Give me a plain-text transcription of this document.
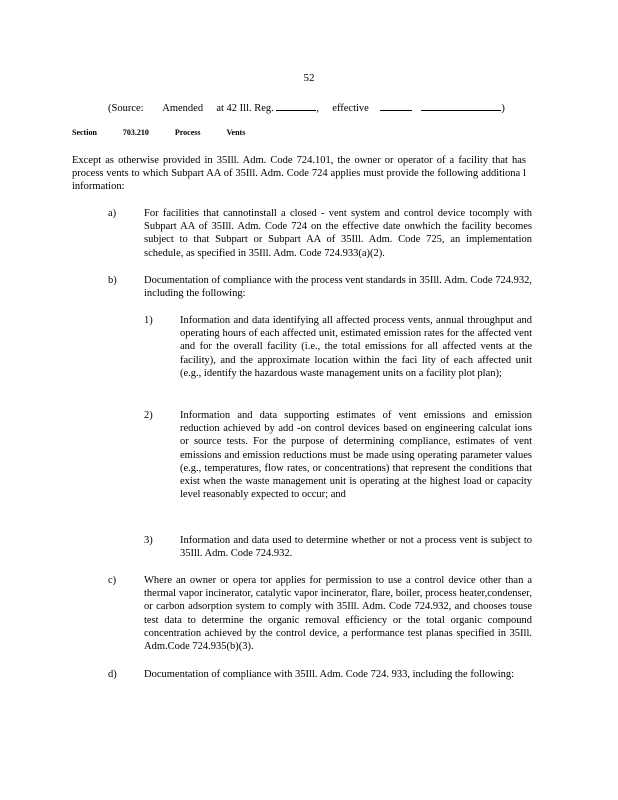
52
(Source: Amended at 42 Ill. Reg.	, effective	)
Section	703.210	Process	Vents
Except as otherwise provided in 35Ill. Adm. Code 724.101, the owner or operator of a facility that has process vents to which Subpart AA of 35Ill. Adm. Code 724 applies must provide the following additiona l information:
a)	For facilities that cannotinstall a closed - vent system and control device tocomply with Subpart AA of 35Ill. Adm. Code 724 on the effective date onwhich the facility becomes subject to that Subpart or Subpart AA of 35Ill. Adm. Code 725, an implementation schedule, as specified in 35Ill. Adm. Code 724.933(a)(2).
b)	Documentation of compliance with the process vent standards in 35Ill. Adm. Code 724.932, including the following:
1)	Information and data identifying all affected process vents, annual throughput and operating hours of each affected unit, estimated emission rates for the affected vent and for the overall facility (i.e., the total emissions for all affected vents at the facility), and the approximate location within the faci lity of each affected unit (e.g., identify the hazardous waste management units on a facility plot plan);
2)	Information and data supporting estimates of vent emissions and emission reduction achieved by add -on control devices based on engineering calculat ions or source tests. For the purpose of determining compliance, estimates of vent emissions and emission reductions must be made using operating parameter values (e.g., temperatures, flow rates, or concentrations) that represent the conditions that exist when the waste management unit is operating at the highest load or capacity level reasonably expected to occur; and
3)	Information and data used to determine whether or not a process vent is subject to 35Ill. Adm. Code 724.932.
c)	Where an owner or opera tor applies for permission to use a control device other than a thermal vapor incinerator, catalytic vapor incinerator, flare, boiler, process heater,condenser, or carbon adsorption system to comply with 35Ill. Adm. Code 724.932, and chooses touse test data to determine the organic removal efficiency or the total organic compound concentration achieved by the control device, a performance test planas specified in 35Ill. Adm.Code 724.935(b)(3).
d)	Documentation of compliance with 35Ill. Adm. Code 724. 933, including the following:
